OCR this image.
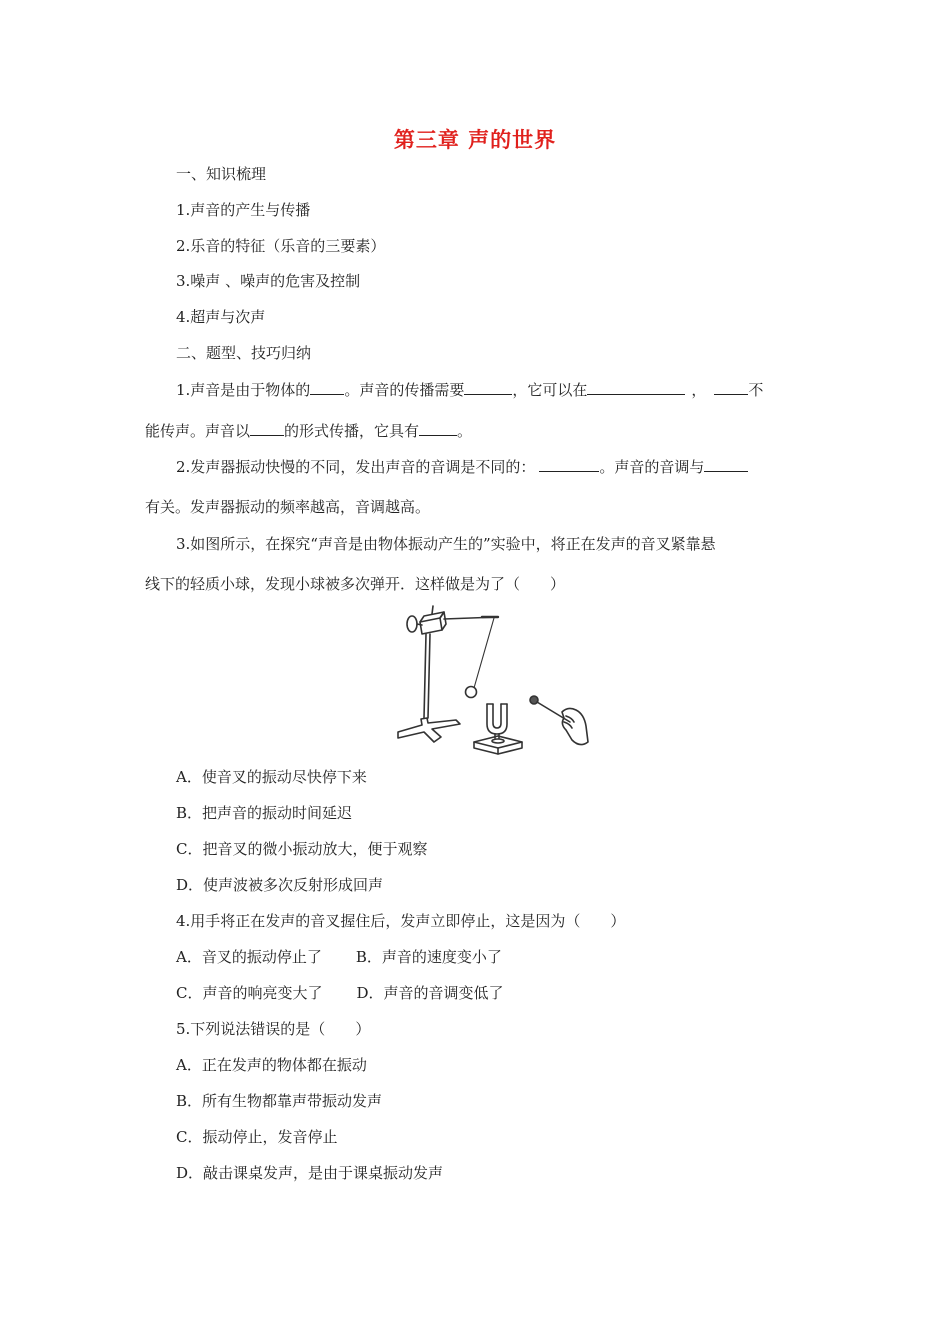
第三章 声的世界
一、知识梳理
1.声音的产生与传播
2.乐音的特征（乐音的三要素）
3.噪声 、噪声的危害及控制
4.超声与次声
二、题型、技巧归纳
1.声音是由于物体的 。声音的传播需要	，它可以在	，	不
能传声。声音以 的形式传播，它具有	。
2.发声器振动快慢的不同，发出声音的音调是不同的：	。声音的音调与
有关。发声器振动的频率越高，音调越高。
3.如图所示，在探究“声音是由物体振动产生的”实验中，将正在发声的音叉紧靠悬
线下的轻质小球，发现小球被多次弹开．这样做是为了（　　）
A．使音叉的振动尽快停下来
B．把声音的振动时间延迟
C．把音叉的微小振动放大，便于观察
D．使声波被多次反射形成回声
4.用手将正在发声的音叉握住后，发声立即停止，这是因为（　　）
A．音叉的振动停止了 B．声音的速度变小了
C．声音的响亮变大了 D．声音的音调变低了
5.下列说法错误的是（　　）
A．正在发声的物体都在振动
B．所有生物都靠声带振动发声
C．振动停止，发音停止
D．敲击课桌发声，是由于课桌振动发声
